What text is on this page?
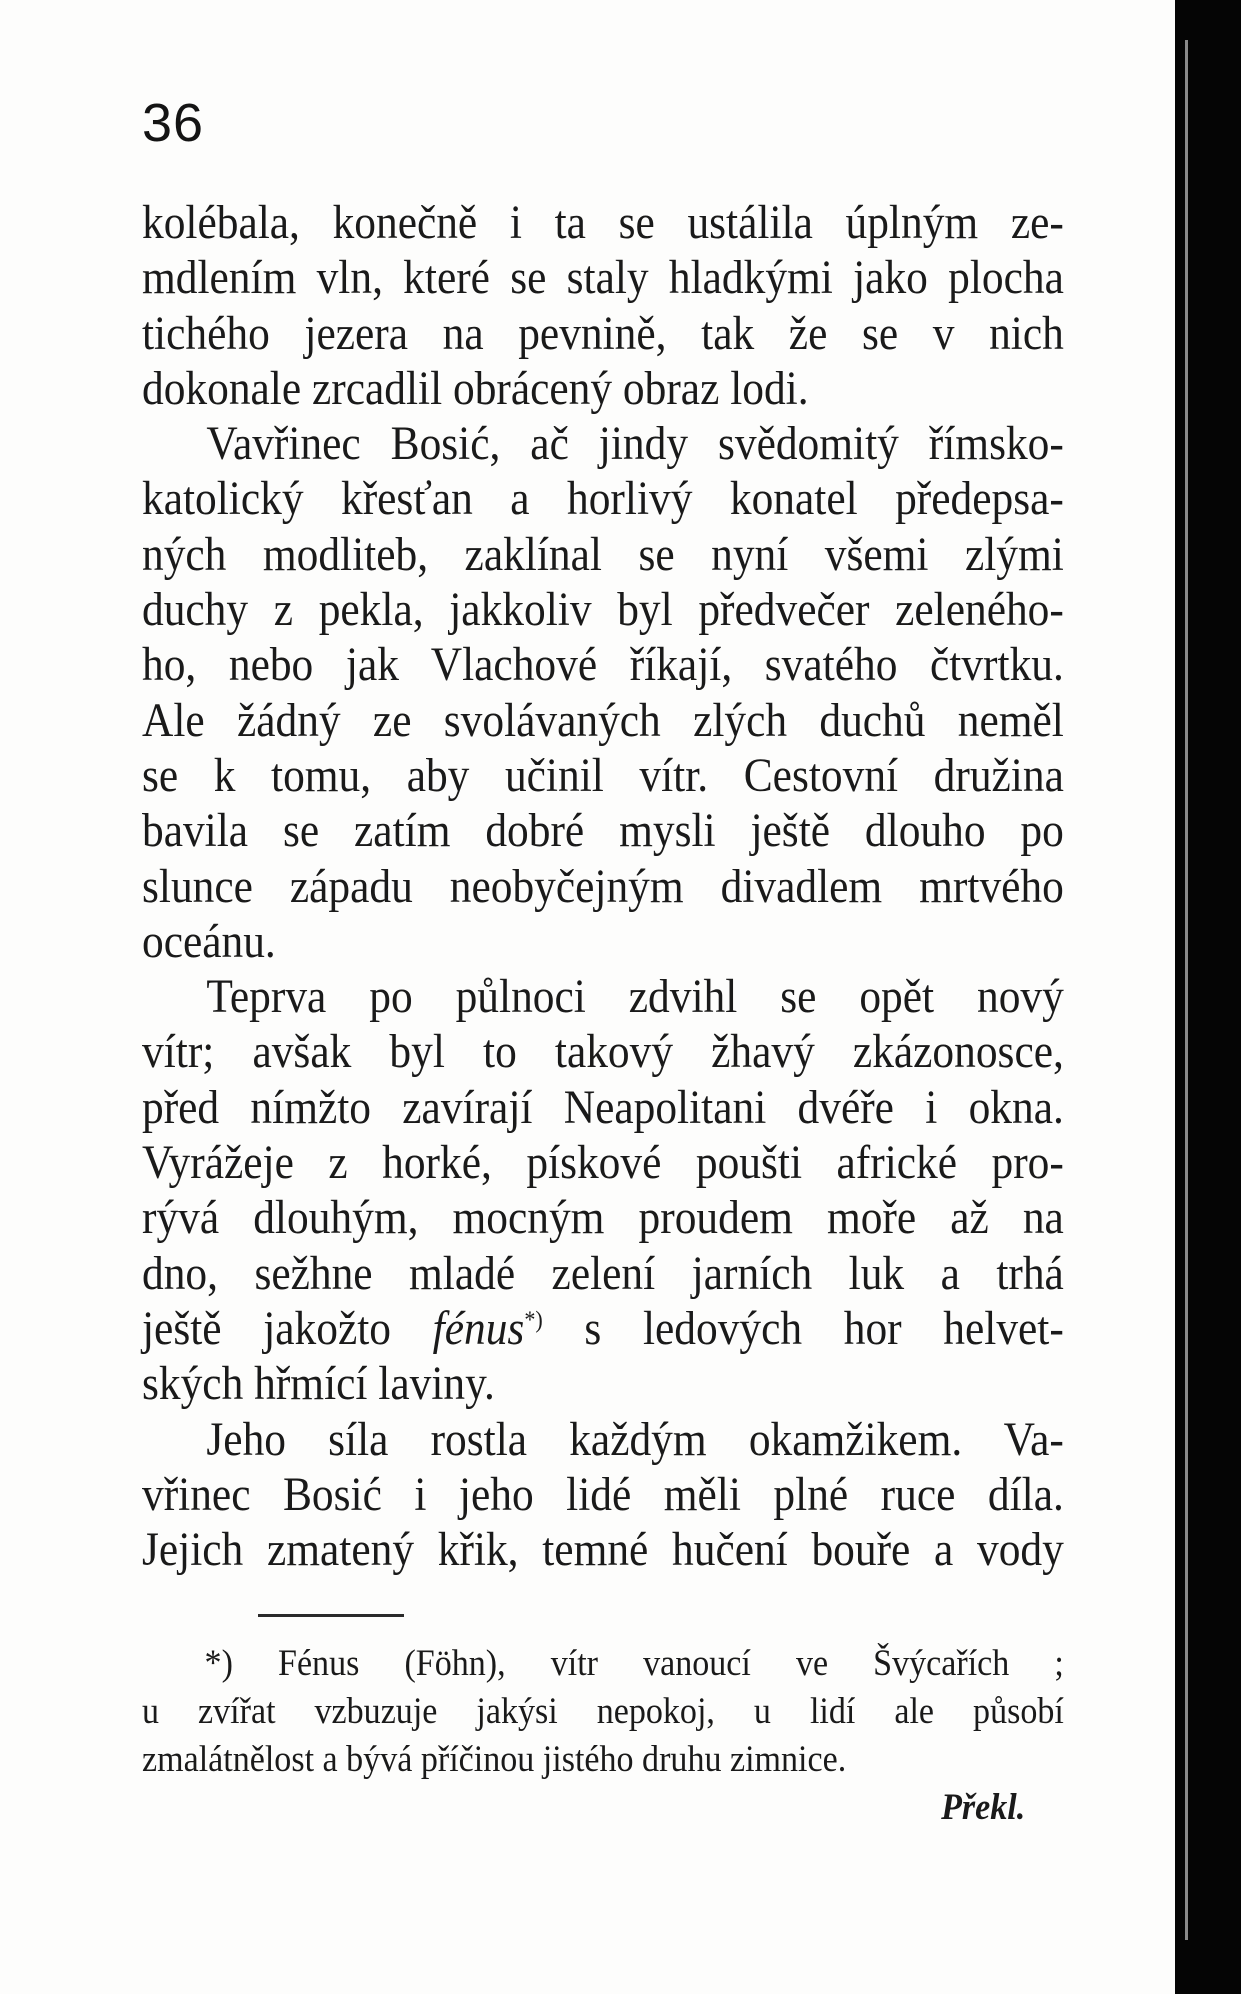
36
kolébala, konečně i ta se ustálila úplným ze-
mdlením vln, které se staly hladkými jako plocha
tichého jezera na pevnině, tak že se v nich
dokonale zrcadlil obrácený obraz lodi.
Vavřinec Bosić, ač jindy svědomitý římsko-
katolický křesťan a horlivý konatel předepsa-
ných modliteb, zaklínal se nyní všemi zlými
duchy z pekla, jakkoliv byl předvečer zeleného-
ho, nebo jak Vlachové říkají, svatého čtvrtku.
Ale žádný ze svolávaných zlých duchů neměl
se k tomu, aby učinil vítr. Cestovní družina
bavila se zatím dobré mysli ještě dlouho po
slunce západu neobyčejným divadlem mrtvého
oceánu.
Teprva po půlnoci zdvihl se opět nový
vítr; avšak byl to takový žhavý zkázonosce,
před nímžto zavírají Neapolitani dvéře i okna.
Vyrážeje z horké, pískové poušti africké pro-
rývá dlouhým, mocným proudem moře až na
dno, sežhne mladé zelení jarních luk a trhá
ještě jakožto fénus*) s ledových hor helvet-
ských hřmící laviny.
Jeho síla rostla každým okamžikem. Va-
vřinec Bosić i jeho lidé měli plné ruce díla.
Jejich zmatený křik, temné hučení bouře a vody
*) Fénus (Föhn), vítr vanoucí ve Švýcařích ;
u zvířat vzbuzuje jakýsi nepokoj, u lidí ale působí
zmalátnělost a bývá příčinou jistého druhu zimnice.
Překl.
